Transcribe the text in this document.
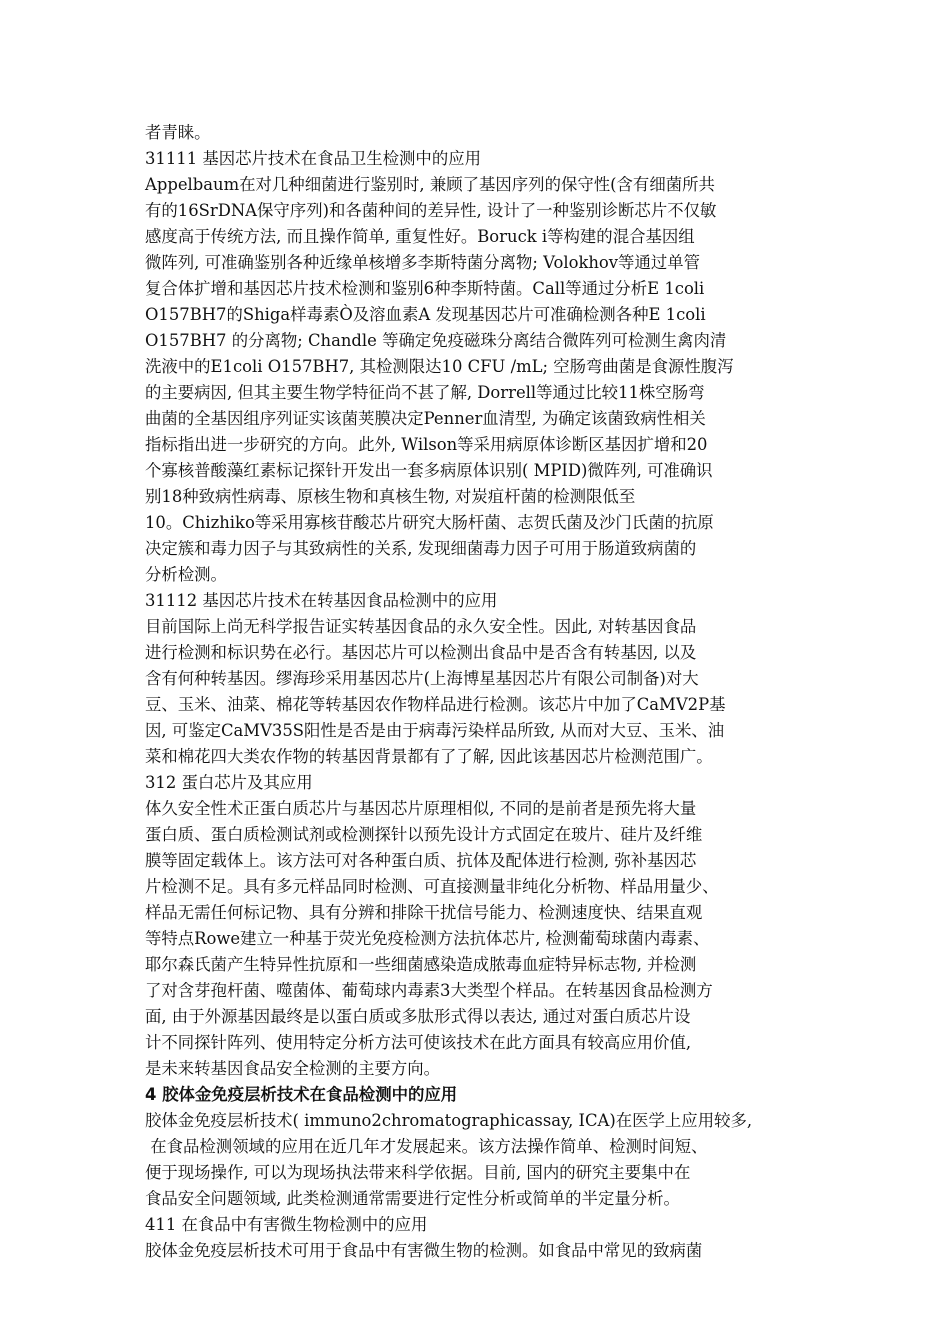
者青睐。
31111 基因芯片技术在食品卫生检测中的应用
Appelbaum在对几种细菌进行鉴别时, 兼顾了基因序列的保守性(含有细菌所共
有的16SrDNA保守序列)和各菌种间的差异性, 设计了一种鉴别诊断芯片不仅敏
感度高于传统方法, 而且操作简单, 重复性好。Boruck i等构建的混合基因组
微阵列, 可准确鉴别各种近缘单核增多李斯特菌分离物; Volokhov等通过单管
复合体扩增和基因芯片技术检测和鉴别6种李斯特菌。Call等通过分析E 1coli
O157BH7的Shiga样毒素Ò及溶血素A 发现基因芯片可准确检测各种E 1coli
O157BH7 的分离物; Chandle 等确定免疫磁珠分离结合微阵列可检测生禽肉清
洗液中的E1coli O157BH7, 其检测限达10 CFU /mL; 空肠弯曲菌是食源性腹泻
的主要病因, 但其主要生物学特征尚不甚了解, Dorrell等通过比较11株空肠弯
曲菌的全基因组序列证实该菌荚膜决定Penner血清型, 为确定该菌致病性相关
指标指出进一步研究的方向。此外, Wilson等采用病原体诊断区基因扩增和20
个寡核普酸藻红素标记探针开发出一套多病原体识别( MPID)微阵列, 可准确识
别18种致病性病毒、原核生物和真核生物, 对炭疽杆菌的检测限低至
10。Chizhiko等采用寡核苷酸芯片研究大肠杆菌、志贺氏菌及沙门氏菌的抗原
决定簇和毒力因子与其致病性的关系, 发现细菌毒力因子可用于肠道致病菌的
分析检测。
31112 基因芯片技术在转基因食品检测中的应用
目前国际上尚无科学报告证实转基因食品的永久安全性。因此, 对转基因食品
进行检测和标识势在必行。基因芯片可以检测出食品中是否含有转基因, 以及
含有何种转基因。缪海珍采用基因芯片(上海博星基因芯片有限公司制备)对大
豆、玉米、油菜、棉花等转基因农作物样品进行检测。该芯片中加了CaMV2P基
因, 可鉴定CaMV35S阳性是否是由于病毒污染样品所致, 从而对大豆、玉米、油
菜和棉花四大类农作物的转基因背景都有了了解, 因此该基因芯片检测范围广。
312 蛋白芯片及其应用
体久安全性术正蛋白质芯片与基因芯片原理相似, 不同的是前者是预先将大量
蛋白质、蛋白质检测试剂或检测探针以预先设计方式固定在玻片、硅片及纤维
膜等固定载体上。该方法可对各种蛋白质、抗体及配体进行检测, 弥补基因芯
片检测不足。具有多元样品同时检测、可直接测量非纯化分析物、样品用量少、
样品无需任何标记物、具有分辨和排除干扰信号能力、检测速度快、结果直观
等特点Rowe建立一种基于荧光免疫检测方法抗体芯片, 检测葡萄球菌内毒素、
耶尔森氏菌产生特异性抗原和一些细菌感染造成脓毒血症特异标志物, 并检测
了对含芽孢杆菌、噬菌体、葡萄球内毒素3大类型个样品。在转基因食品检测方
面, 由于外源基因最终是以蛋白质或多肽形式得以表达, 通过对蛋白质芯片设
计不同探针阵列、使用特定分析方法可使该技术在此方面具有较高应用价值,
是未来转基因食品安全检测的主要方向。
4 胶体金免疫层析技术在食品检测中的应用
胶体金免疫层析技术( immuno2chromatographicassay, ICA)在医学上应用较多,
在食品检测领域的应用在近几年才发展起来。该方法操作简单、检测时间短、
便于现场操作, 可以为现场执法带来科学依据。目前, 国内的研究主要集中在
食品安全问题领域, 此类检测通常需要进行定性分析或简单的半定量分析。
411 在食品中有害微生物检测中的应用
胶体金免疫层析技术可用于食品中有害微生物的检测。如食品中常见的致病菌
